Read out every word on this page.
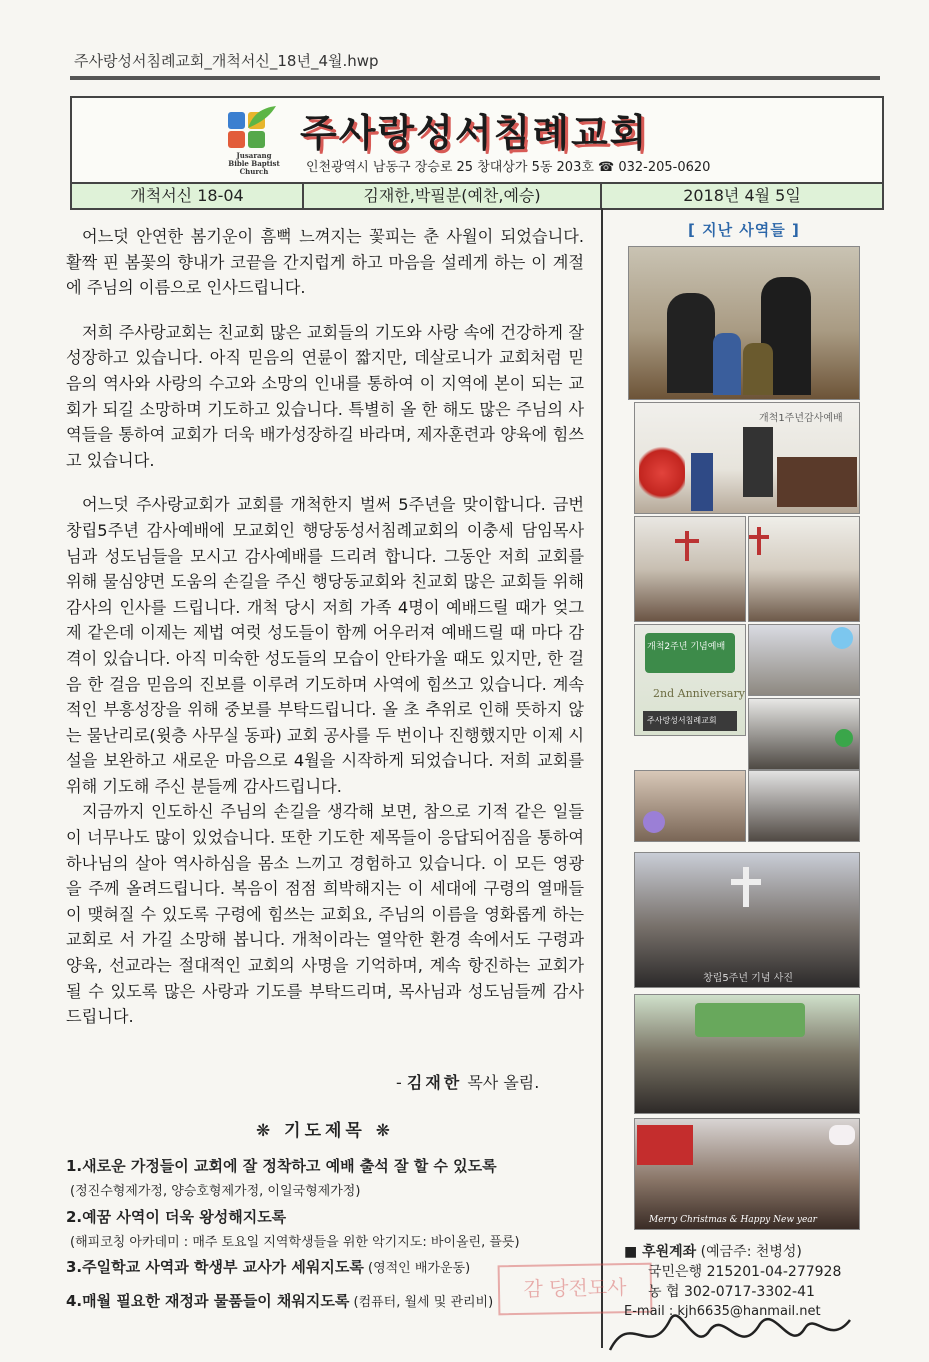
주사랑성서침례교회_개척서신_18년_4월.hwp
Jusarang
Bible Baptist Church
주사랑성서침례교회
인천광역시 남동구 장승로 25 창대상가 5동 203호 ☎ 032-205-0620
개척서신 18-04	김재한,박필분(예찬,예승)	2018년 4월 5일

어느덧 안연한 봄기운이 흠뻑 느껴지는 꽃피는 춘 사월이 되었습니다. 활짝 핀 봄꽃의 향내가 코끝을 간지럽게 하고 마음을 설레게 하는 이 계절에 주님의 이름으로 인사드립니다.

저희 주사랑교회는 친교회 많은 교회들의 기도와 사랑 속에 건강하게 잘 성장하고 있습니다. 아직 믿음의 연륜이 짧지만, 데살로니가 교회처럼 믿음의 역사와 사랑의 수고와 소망의 인내를 통하여 이 지역에 본이 되는 교회가 되길 소망하며 기도하고 있습니다. 특별히 올 한 해도 많은 주님의 사역들을 통하여 교회가 더욱 배가성장하길 바라며, 제자훈련과 양육에 힘쓰고 있습니다.

어느덧 주사랑교회가 교회를 개척한지 벌써 5주년을 맞이합니다. 금번 창립5주년 감사예배에 모교회인 행당동성서침례교회의 이충세 담임목사님과 성도님들을 모시고 감사예배를 드리려 합니다. 그동안 저희 교회를 위해 물심양면 도움의 손길을 주신 행당동교회와 친교회 많은 교회들 위해 감사의 인사를 드립니다. 개척 당시 저희 가족 4명이 예배드릴 때가 엊그제 같은데 이제는 제법 여럿 성도들이 함께 어우러져 예배드릴 때 마다 감격이 있습니다. 아직 미숙한 성도들의 모습이 안타가울 때도 있지만, 한 걸음 한 걸음 믿음의 진보를 이루려 기도하며 사역에 힘쓰고 있습니다. 계속적인 부흥성장을 위해 중보를 부탁드립니다. 올 초 추위로 인해 뜻하지 않는 물난리로(윗층 사무실 동파) 교회 공사를 두 번이나 진행했지만 이제 시설을 보완하고 새로운 마음으로 4월을 시작하게 되었습니다. 저희 교회를 위해 기도해 주신 분들께 감사드립니다.

지금까지 인도하신 주님의 손길을 생각해 보면, 참으로 기적 같은 일들이 너무나도 많이 있었습니다. 또한 기도한 제목들이 응답되어짐을 통하여 하나님의 살아 역사하심을 몸소 느끼고 경험하고 있습니다. 이 모든 영광을 주께 올려드립니다. 복음이 점점 희박해지는 이 세대에 구령의 열매들이 맺혀질 수 있도록 구령에 힘쓰는 교회요, 주님의 이름을 영화롭게 하는 교회로 서 가길 소망해 봅니다. 개척이라는 열악한 환경 속에서도 구령과 양육, 선교라는 절대적인 교회의 사명을 기억하며, 계속 항진하는 교회가 될 수 있도록 많은 사랑과 기도를 부탁드리며, 목사님과 성도님들께 감사드립니다.

- 김재한 목사 올림.
❋ 기도제목 ❋
1.새로운 가정들이 교회에 잘 정착하고 예배 출석 잘 할 수 있도록
(정진수형제가정, 양승호형제가정, 이일국형제가정)
2.예꿈 사역이 더욱 왕성해지도록
(해피코칭 아카데미 : 매주 토요일 지역학생들을 위한 악기지도: 바이올린, 플릇)
3.주일학교 사역과 학생부 교사가 세워지도록 (영적인 배가운동)
4.매월 필요한 재정과 물품들이 채워지도록 (컴퓨터, 월세 및 관리비)
[ 지난 사역들 ]
개척1주년감사예배
개척2주년 기념예배
2nd Anniversary
주사랑성서침례교회
창립5주년 기념 사진
Merry Christmas & Happy New year
감 당전도사
■ 후원계좌 (예금주: 천병성)
국민은행 215201-04-277928
농 협 302-0717-3302-41
E-mail : kjh6635@hanmail.net
